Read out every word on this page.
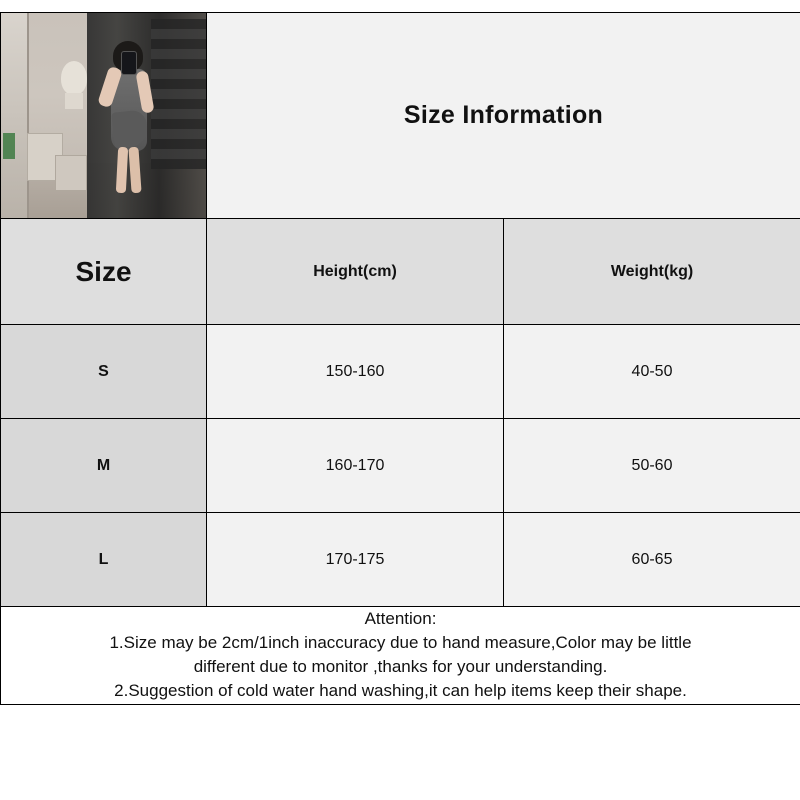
	Size Information	
Size	Height(cm)	Weight(kg)
S	150-160	40-50
M	160-170	50-60
L	170-175	60-65

Attention:

1.Size may be 2cm/1inch inaccuracy due to hand measure,Color may be little

different due to monitor ,thanks for your understanding.

2.Suggestion of cold water hand washing,it can help items keep their shape.		
